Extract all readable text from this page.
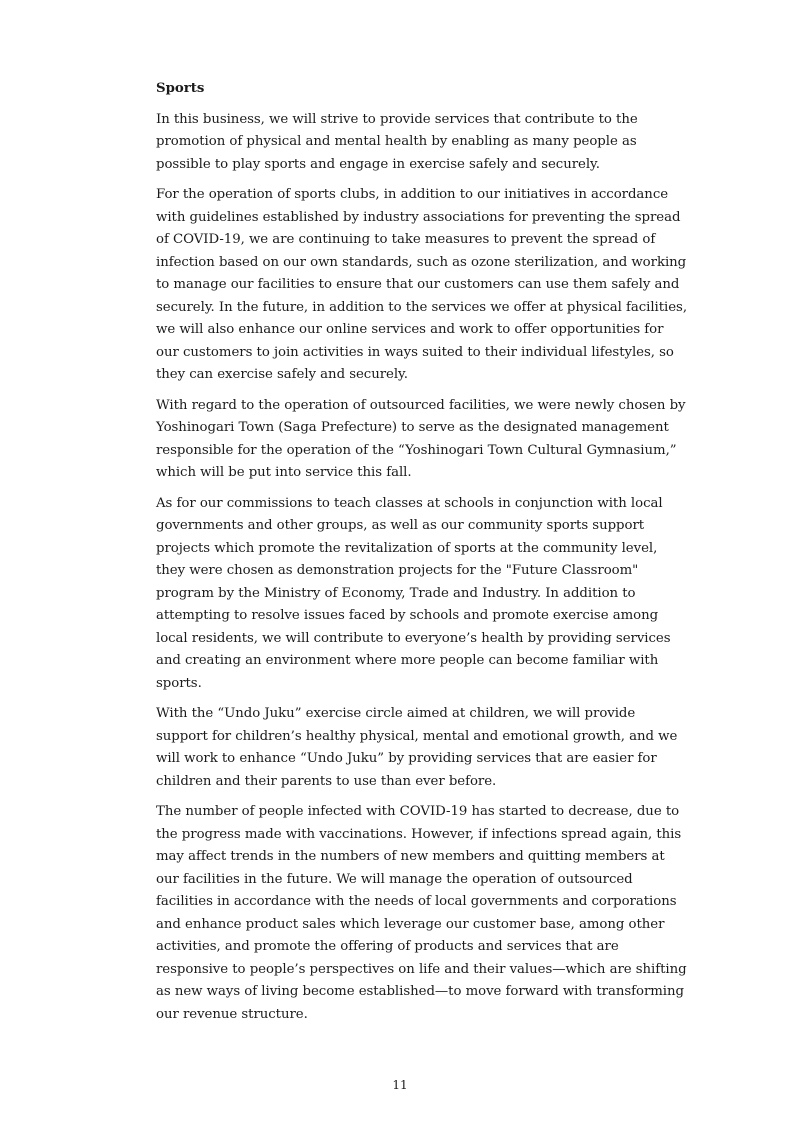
Sports

In this business, we will strive to provide services that contribute to the promotion of physical and mental health by enabling as many people as possible to play sports and engage in exercise safely and securely.

For the operation of sports clubs, in addition to our initiatives in accordance with guidelines established by industry associations for preventing the spread of COVID-19, we are continuing to take measures to prevent the spread of infection based on our own standards, such as ozone sterilization, and working to manage our facilities to ensure that our customers can use them safely and securely. In the future, in addition to the services we offer at physical facilities, we will also enhance our online services and work to offer opportunities for our customers to join activities in ways suited to their individual lifestyles, so they can exercise safely and securely.

With regard to the operation of outsourced facilities, we were newly chosen by Yoshinogari Town (Saga Prefecture) to serve as the designated management responsible for the operation of the “Yoshinogari Town Cultural Gymnasium,” which will be put into service this fall.

As for our commissions to teach classes at schools in conjunction with local governments and other groups, as well as our community sports support projects which promote the revitalization of sports at the community level, they were chosen as demonstration projects for the "Future Classroom" program by the Ministry of Economy, Trade and Industry. In addition to attempting to resolve issues faced by schools and promote exercise among local residents, we will contribute to everyone’s health by providing services and creating an environment where more people can become familiar with sports.

With the “Undo Juku” exercise circle aimed at children, we will provide support for children’s healthy physical, mental and emotional growth, and we will work to enhance “Undo Juku” by providing services that are easier for children and their parents to use than ever before.

The number of people infected with COVID-19 has started to decrease, due to the progress made with vaccinations. However, if infections spread again, this may affect trends in the numbers of new members and quitting members at our facilities in the future. We will manage the operation of outsourced facilities in accordance with the needs of local governments and corporations and enhance product sales which leverage our customer base, among other activities, and promote the offering of products and services that are responsive to people’s perspectives on life and their values—which are shifting as new ways of living become established—to move forward with transforming our revenue structure.

11
